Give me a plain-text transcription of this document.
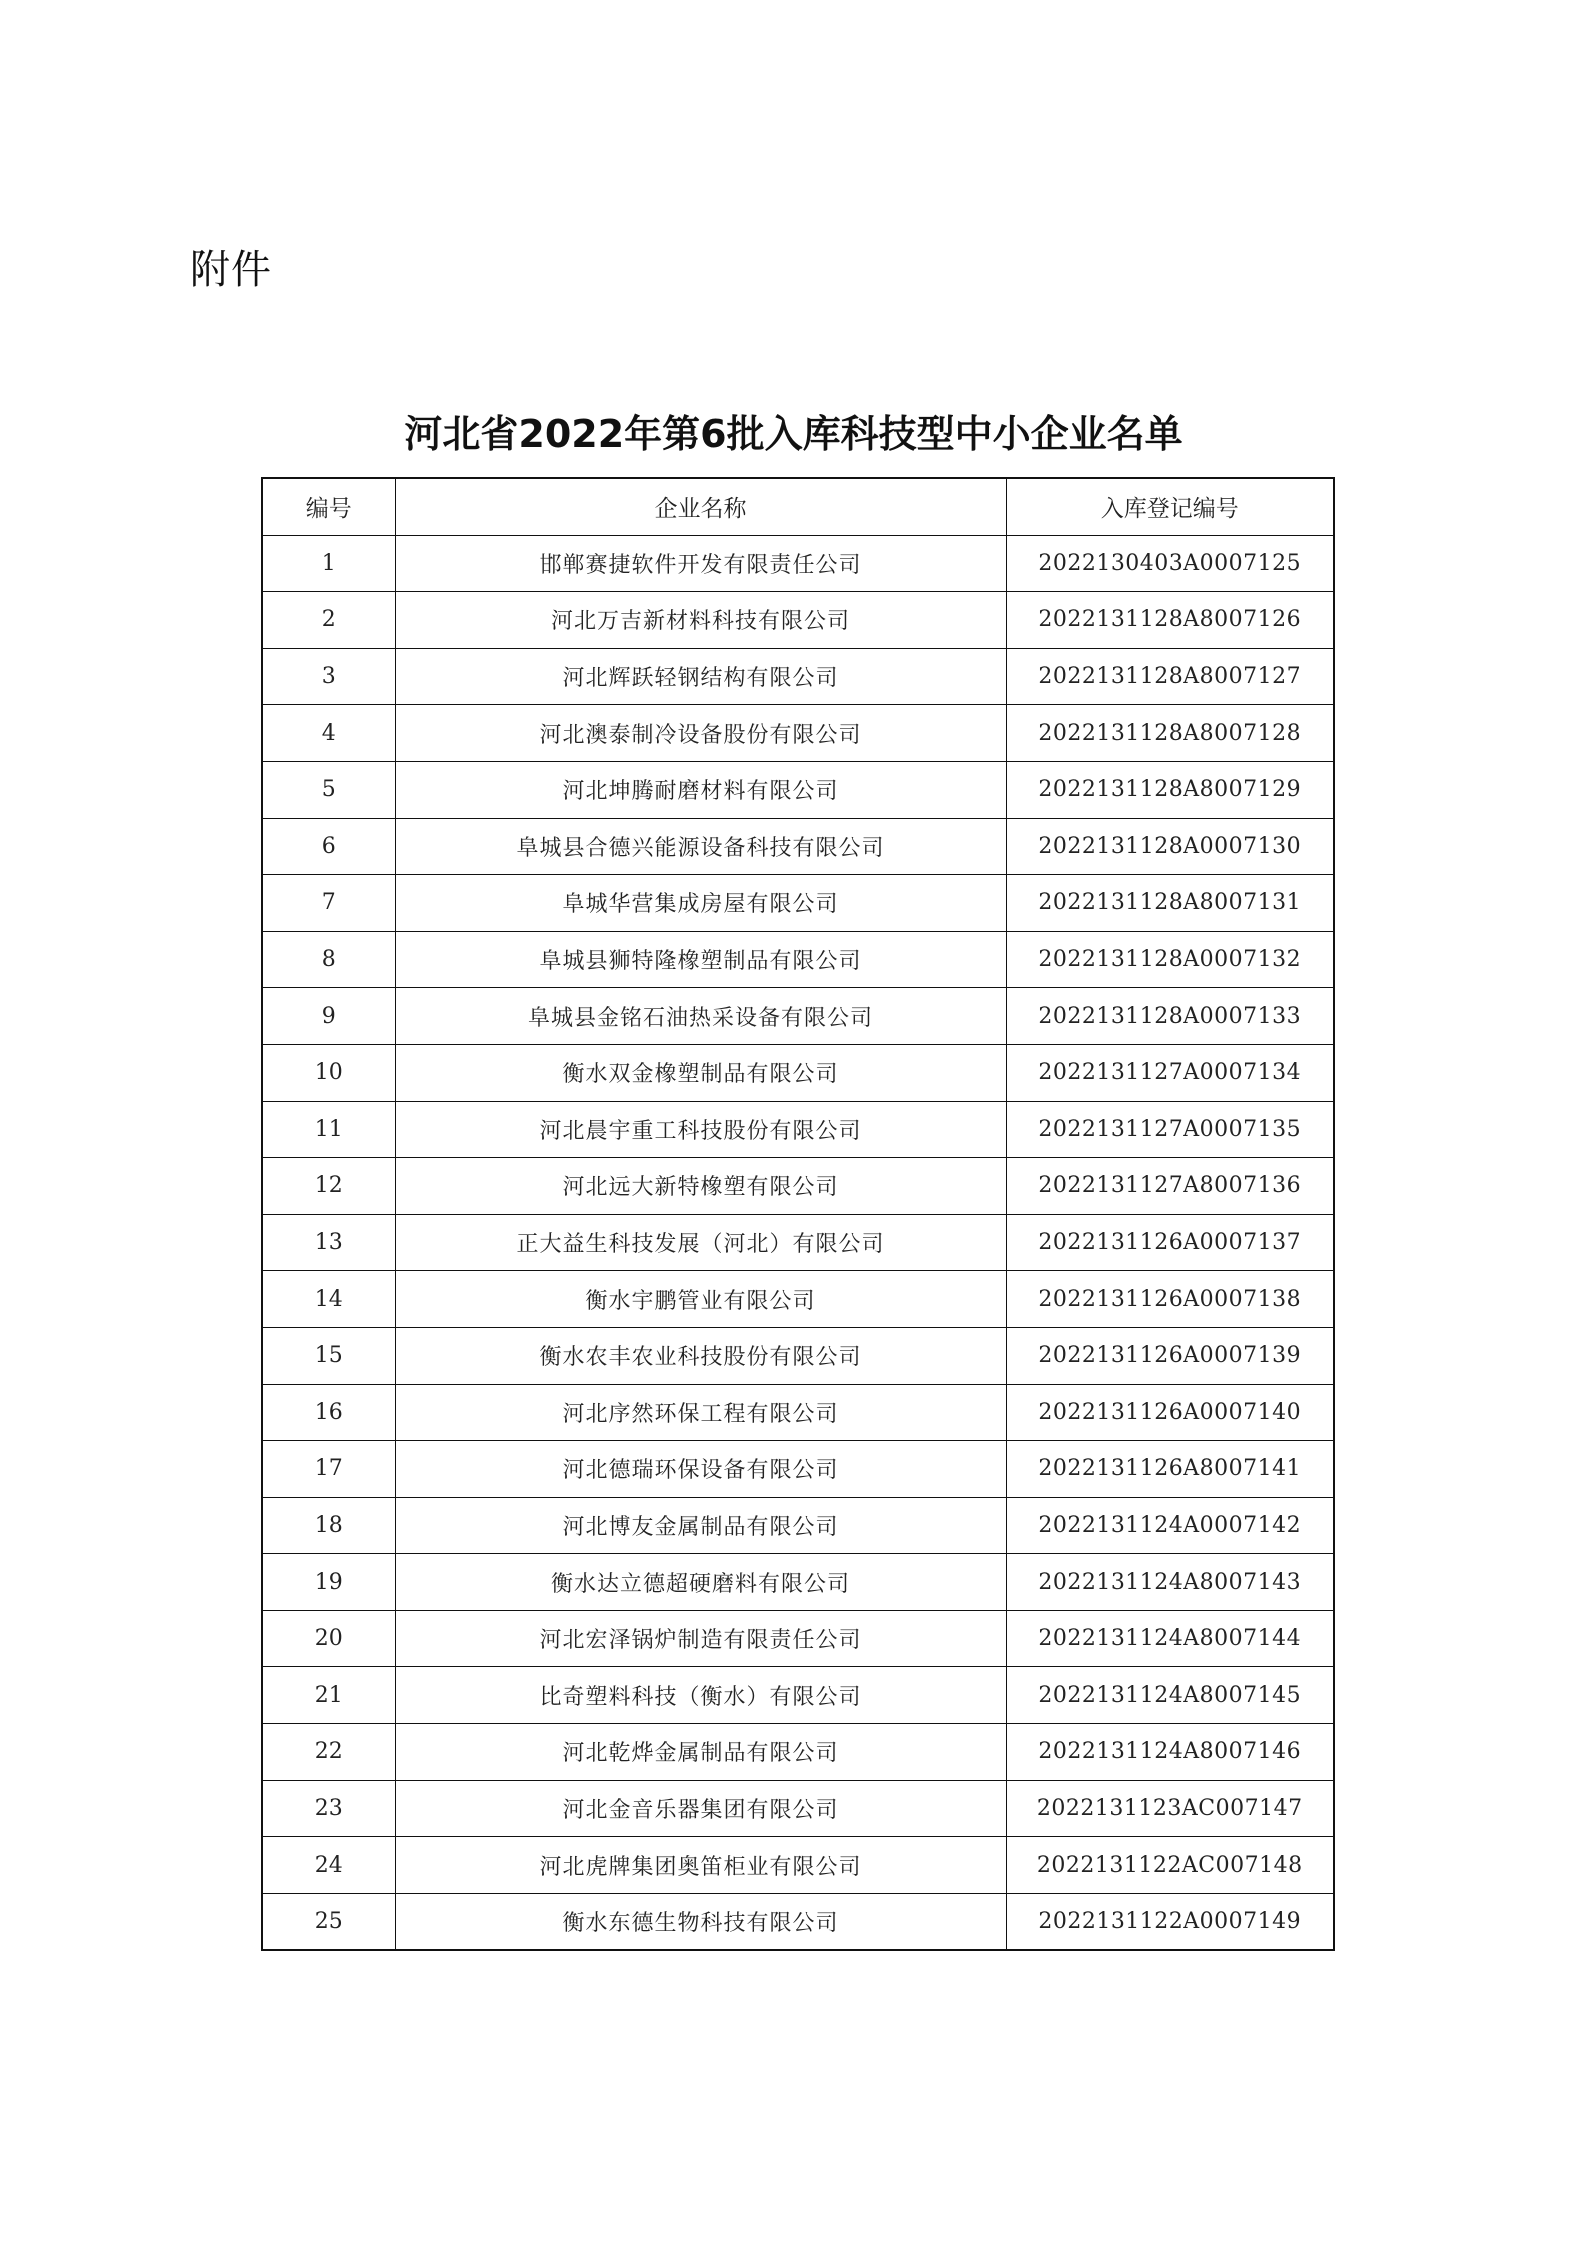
附件
河北省2022年第6批入库科技型中小企业名单
编号	企业名称	入库登记编号
1	邯郸赛捷软件开发有限责任公司	2022130403A0007125
2	河北万吉新材料科技有限公司	2022131128A8007126
3	河北辉跃轻钢结构有限公司	2022131128A8007127
4	河北澳泰制冷设备股份有限公司	2022131128A8007128
5	河北坤腾耐磨材料有限公司	2022131128A8007129
6	阜城县合德兴能源设备科技有限公司	2022131128A0007130
7	阜城华营集成房屋有限公司	2022131128A8007131
8	阜城县狮特隆橡塑制品有限公司	2022131128A0007132
9	阜城县金铭石油热采设备有限公司	2022131128A0007133
10	衡水双金橡塑制品有限公司	2022131127A0007134
11	河北晨宇重工科技股份有限公司	2022131127A0007135
12	河北远大新特橡塑有限公司	2022131127A8007136
13	正大益生科技发展（河北）有限公司	2022131126A0007137
14	衡水宇鹏管业有限公司	2022131126A0007138
15	衡水农丰农业科技股份有限公司	2022131126A0007139
16	河北序然环保工程有限公司	2022131126A0007140
17	河北德瑞环保设备有限公司	2022131126A8007141
18	河北博友金属制品有限公司	2022131124A0007142
19	衡水达立德超硬磨料有限公司	2022131124A8007143
20	河北宏泽锅炉制造有限责任公司	2022131124A8007144
21	比奇塑料科技（衡水）有限公司	2022131124A8007145
22	河北乾烨金属制品有限公司	2022131124A8007146
23	河北金音乐器集团有限公司	2022131123AC007147
24	河北虎牌集团奥笛柜业有限公司	2022131122AC007148
25	衡水东德生物科技有限公司	2022131122A0007149
